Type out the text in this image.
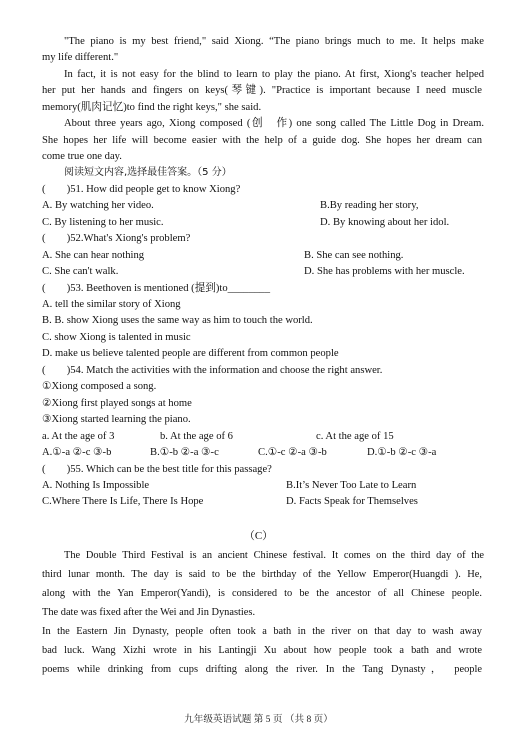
"The piano is my best friend," said Xiong. “The piano brings much to me. It helps make
my life different."
In fact, it is not easy for the blind to learn to play the piano. At first, Xiong's teacher helped
her put her hands and fingers on keys(琴键). "Practice is important because I need muscle
memory(肌肉记忆)to find the right keys," she said.
About three years ago, Xiong composed (创　作) one song called The Little Dog in Dream.
She hopes her life will become easier with the help of a guide dog. She hopes her dream can
come true one day.
阅读短文内容,选择最佳答案。（5 分）
(　　)51. How did people get to know Xiong?
A. By watching her video.	B.By reading her story,
C. By listening to her music.	D. By knowing about her idol.
(　　)52.What's Xiong's problem?
A. She can hear nothing	B. She can see nothing.
C. She can't walk.	D. She has problems with her muscle.
(　　)53. Beethoven is mentioned (提到)to________
A. tell the similar story of Xiong
B. B. show Xiong uses the same way as him to touch the world.
C. show Xiong is talented in music
D. make us believe talented people are different from common people
(　　)54. Match the activities with the information and choose the right answer.
①Xiong composed a song.
②Xiong first played songs at home
③Xiong started learning the piano.
a. At the age of 3	b. At the age of 6	c. At the age of 15
A.①-a ②-c ③-b	B.①-b ②-a ③-c	C.①-c ②-a ③-b	D.①-b ②-c ③-a
(　　)55. Which can be the best title for this passage?
A. Nothing Is Impossible	B.It’s Never Too Late to Learn
C.Where There Is Life, There Is Hope	D. Facts Speak for Themselves
（C）
The Double Third Festival is an ancient Chinese festival. It comes on the third day of the
third lunar month. The day is said to be the birthday of the Yellow Emperor(Huangdi ). He,
along with the Yan Emperor(Yandi), is considered to be the ancestor of all Chinese people.
The date was fixed after the Wei and Jin Dynasties.
In the Eastern Jin Dynasty, people often took a bath in the river on that day to wash away
bad luck. Wang Xizhi wrote in his Lantingji Xu about how people took a bath and wrote
poems while drinking from cups drifting along the river. In the Tang Dynasty， people
九年级英语试题 第 5 页 （共 8 页）
